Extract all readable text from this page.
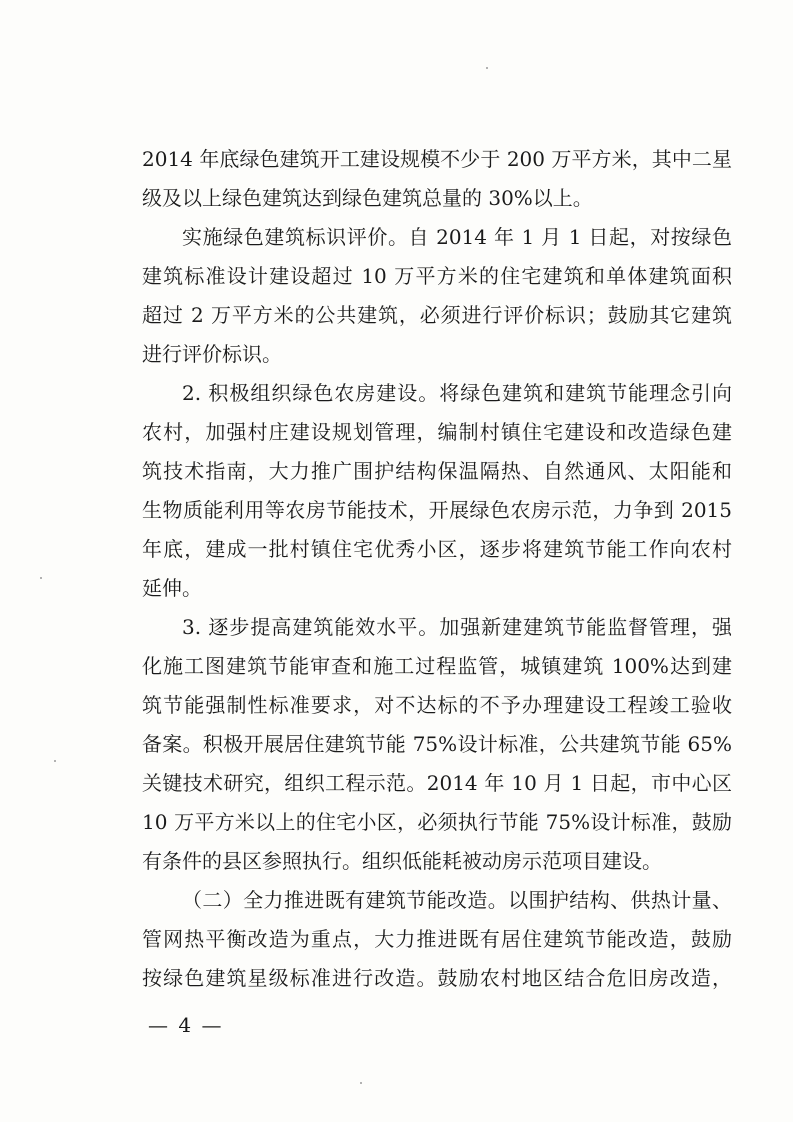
2014 年底绿色建筑开工建设规模不少于 200 万平方米，其中二星
级及以上绿色建筑达到绿色建筑总量的 30%以上。
实施绿色建筑标识评价。自 2014 年 1 月 1 日起，对按绿色
建筑标准设计建设超过 10 万平方米的住宅建筑和单体建筑面积
超过 2 万平方米的公共建筑，必须进行评价标识；鼓励其它建筑
进行评价标识。
2. 积极组织绿色农房建设。将绿色建筑和建筑节能理念引向
农村，加强村庄建设规划管理，编制村镇住宅建设和改造绿色建
筑技术指南，大力推广围护结构保温隔热、自然通风、太阳能和
生物质能利用等农房节能技术，开展绿色农房示范，力争到 2015
年底，建成一批村镇住宅优秀小区，逐步将建筑节能工作向农村
延伸。
3. 逐步提高建筑能效水平。加强新建建筑节能监督管理，强
化施工图建筑节能审查和施工过程监管，城镇建筑 100%达到建
筑节能强制性标准要求，对不达标的不予办理建设工程竣工验收
备案。积极开展居住建筑节能 75%设计标准，公共建筑节能 65%
关键技术研究，组织工程示范。2014 年 10 月 1 日起，市中心区
10 万平方米以上的住宅小区，必须执行节能 75%设计标准，鼓励
有条件的县区参照执行。组织低能耗被动房示范项目建设。
（二）全力推进既有建筑节能改造。以围护结构、供热计量、
管网热平衡改造为重点，大力推进既有居住建筑节能改造，鼓励
按绿色建筑星级标准进行改造。鼓励农村地区结合危旧房改造，
— 4 —
